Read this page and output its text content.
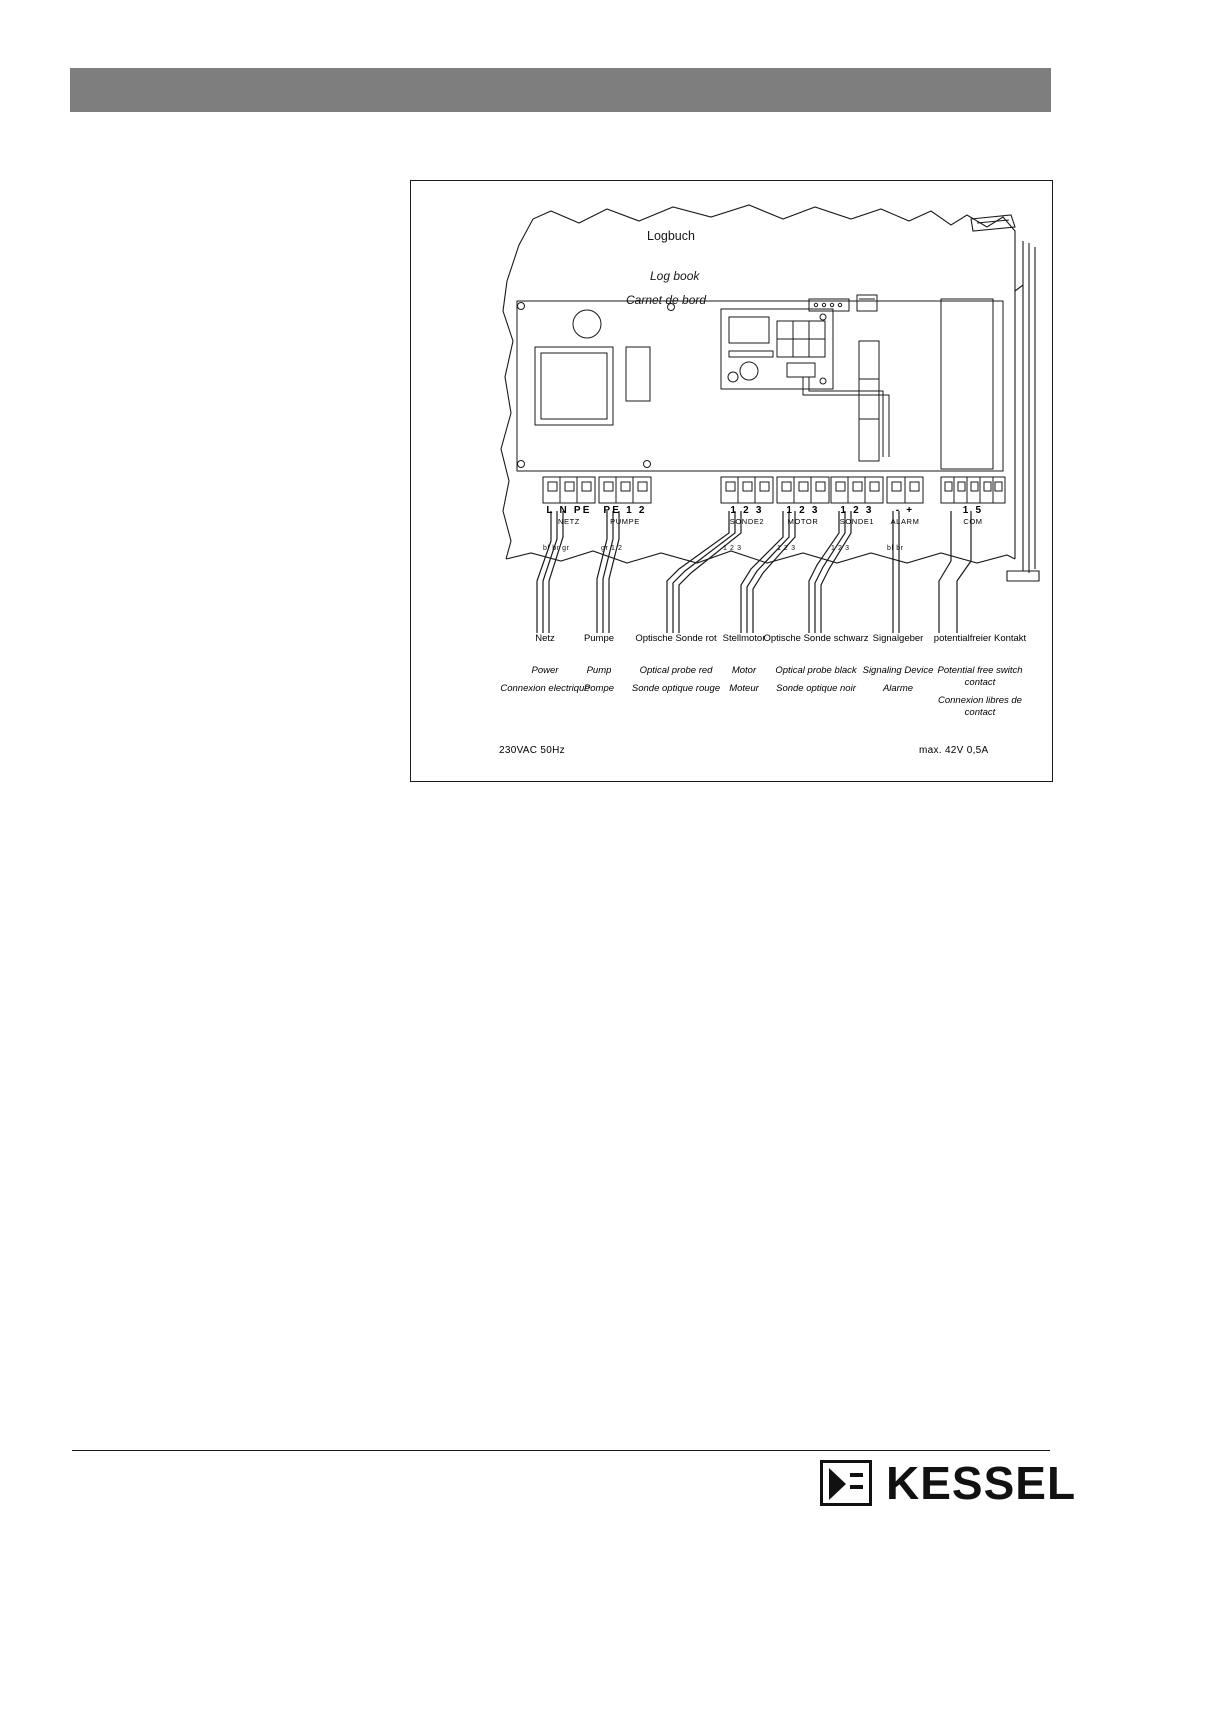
Logbuch
Log book
Carnet de bord
L N PE
NETZ
PE 1 2
PUMPE
1 2 3
SONDE2
1 2 3
MOTOR
1 2 3
SONDE1
- +
ALARM
1 5
COM
bl br gr	gr 1 2	1 2 3	1 2 3	1 2 3	bl br
Netz
Power
Connexion electrique
Pumpe
Pump
Pompe
Optische Sonde rot
Optical probe red
Sonde optique rouge
Stellmotor
Motor
Moteur
Optische Sonde schwarz
Optical probe black
Sonde optique noir
Signalgeber
Signaling Device
Alarme
potentialfreier Kontakt
Potential free switch contact
Connexion libres de contact
230VAC 50Hz	max. 42V 0,5A
KESSEL
